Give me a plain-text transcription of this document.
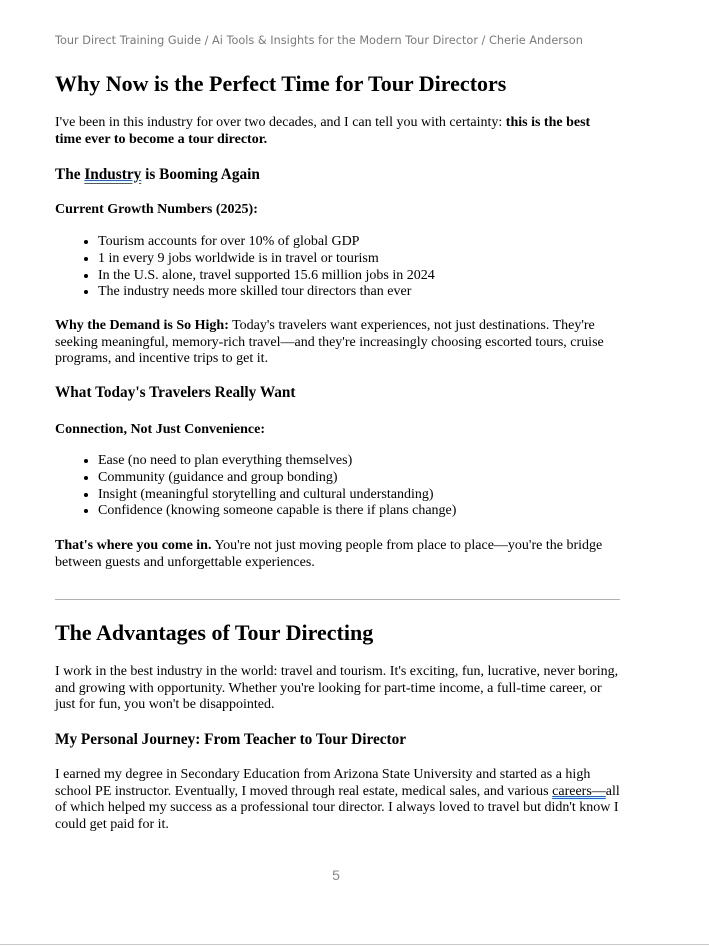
Tour Direct Training Guide / Ai Tools & Insights for the Modern Tour Director / Cherie Anderson
Why Now is the Perfect Time for Tour Directors
I've been in this industry for over two decades, and I can tell you with certainty: this is the best time ever to become a tour director.
The Industry is Booming Again
Current Growth Numbers (2025):
• Tourism accounts for over 10% of global GDP
• 1 in every 9 jobs worldwide is in travel or tourism
• In the U.S. alone, travel supported 15.6 million jobs in 2024
• The industry needs more skilled tour directors than ever
Why the Demand is So High: Today's travelers want experiences, not just destinations. They're seeking meaningful, memory-rich travel—and they're increasingly choosing escorted tours, cruise programs, and incentive trips to get it.
What Today's Travelers Really Want
Connection, Not Just Convenience:
• Ease (no need to plan everything themselves)
• Community (guidance and group bonding)
• Insight (meaningful storytelling and cultural understanding)
• Confidence (knowing someone capable is there if plans change)
That's where you come in. You're not just moving people from place to place—you're the bridge between guests and unforgettable experiences.
The Advantages of Tour Directing
I work in the best industry in the world: travel and tourism. It's exciting, fun, lucrative, never boring, and growing with opportunity. Whether you're looking for part-time income, a full-time career, or just for fun, you won't be disappointed.
My Personal Journey: From Teacher to Tour Director
I earned my degree in Secondary Education from Arizona State University and started as a high school PE instructor. Eventually, I moved through real estate, medical sales, and various careers—all of which helped my success as a professional tour director. I always loved to travel but didn't know I could get paid for it.
5
